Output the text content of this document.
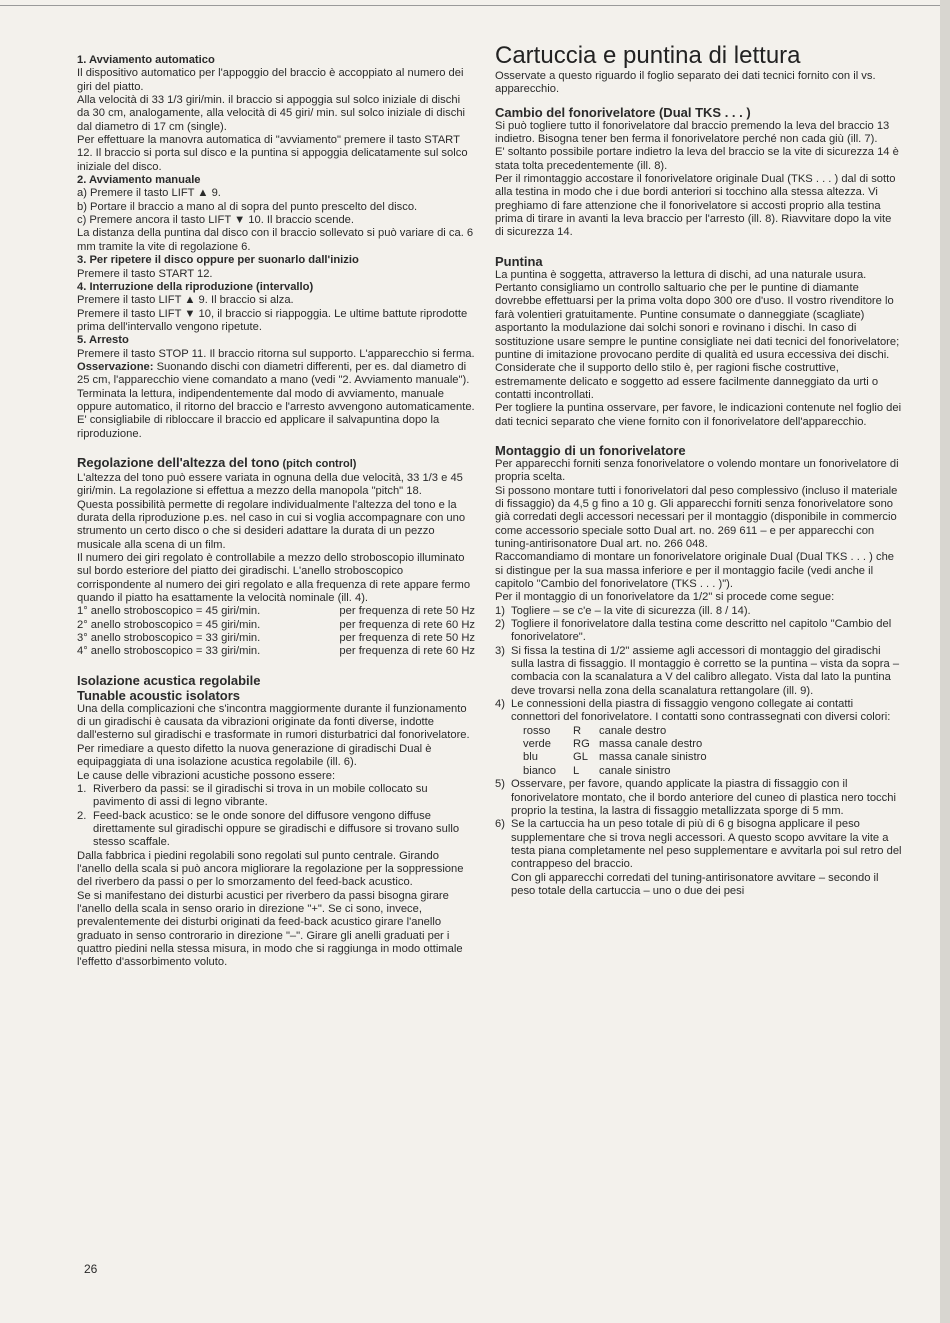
1. Avviamento automatico

Il dispositivo automatico per l'appoggio del braccio è accoppiato al numero dei giri del piatto.

Alla velocità di 33 1/3 giri/min. il braccio si appoggia sul solco iniziale di dischi da 30 cm, analogamente, alla velocità di 45 giri/ min. sul solco iniziale di dischi dal diametro di 17 cm (single).

Per effettuare la manovra automatica di "avviamento" premere il tasto START 12. Il braccio si porta sul disco e la puntina si appoggia delicatamente sul solco iniziale del disco.

2. Avviamento manuale

a) Premere il tasto LIFT ▲ 9.

b) Portare il braccio a mano al di sopra del punto prescelto del disco.

c) Premere ancora il tasto LIFT ▼ 10. Il braccio scende.

La distanza della puntina dal disco con il braccio sollevato si può variare di ca. 6 mm tramite la vite di regolazione 6.

3. Per ripetere il disco oppure per suonarlo dall'inizio

Premere il tasto START 12.

4. Interruzione della riproduzione (intervallo)

Premere il tasto LIFT ▲ 9. Il braccio si alza.

Premere il tasto LIFT ▼ 10, il braccio si riappoggia. Le ultime battute riprodotte prima dell'intervallo vengono ripetute.

5. Arresto

Premere il tasto STOP 11. Il braccio ritorna sul supporto. L'apparecchio si ferma.

Osservazione: Suonando dischi con diametri differenti, per es. dal diametro di 25 cm, l'apparecchio viene comandato a mano (vedi "2. Avviamento manuale").

Terminata la lettura, indipendentemente dal modo di avviamento, manuale oppure automatico, il ritorno del braccio e l'arresto avvengono automaticamente. E' consigliabile di ribloccare il braccio ed applicare il salvapuntina dopo la riproduzione.

Regolazione dell'altezza del tono (pitch control)

L'altezza del tono può essere variata in ognuna della due velocità, 33 1/3 e 45 giri/min. La regolazione si effettua a mezzo della manopola "pitch" 18.

Questa possibilità permette di regolare individualmente l'altezza del tono e la durata della riproduzione p.es. nel caso in cui si voglia accompagnare con uno strumento un certo disco o che si desideri adattare la durata di un pezzo musicale alla scena di un film.

Il numero dei giri regolato è controllabile a mezzo dello stroboscopio illuminato sul bordo esteriore del piatto dei giradischi. L'anello stroboscopico corrispondente al numero dei giri regolato e alla frequenza di rete appare fermo quando il piatto ha esattamente la velocità nominale (ill. 4).

1° anello stroboscopico = 45 giri/min.	per frequenza di rete 50 Hz
2° anello stroboscopico = 45 giri/min.	per frequenza di rete 60 Hz
3° anello stroboscopico = 33 giri/min.	per frequenza di rete 50 Hz
4° anello stroboscopico = 33 giri/min.	per frequenza di rete 60 Hz

Isolazione acustica regolabile

Tunable acoustic isolators

Una della complicazioni che s'incontra maggiormente durante il funzionamento di un giradischi è causata da vibrazioni originate da fonti diverse, indotte dall'esterno sul giradischi e trasformate in rumori disturbatrici dal fonorivelatore.

Per rimediare a questo difetto la nuova generazione di giradischi Dual è equipaggiata di una isolazione acustica regolabile (ill. 6).

Le cause delle vibrazioni acustiche possono essere:

1. Riverbero da passi: se il giradischi si trova in un mobile collocato su pavimento di assi di legno vibrante.
2. Feed-back acustico: se le onde sonore del diffusore vengono diffuse direttamente sul giradischi oppure se giradischi e diffusore si trovano sullo stesso scaffale.

Dalla fabbrica i piedini regolabili sono regolati sul punto centrale. Girando l'anello della scala si può ancora migliorare la regolazione per la soppressione del riverbero da passi o per lo smorzamento del feed-back acustico.

Se si manifestano dei disturbi acustici per riverbero da passi bisogna girare l'anello della scala in senso orario in direzione "+". Se ci sono, invece, prevalentemente dei disturbi originati da feed-back acustico girare l'anello graduato in senso controrario in direzione "–". Girare gli anelli graduati per i quattro piedini nella stessa misura, in modo che si raggiunga in modo ottimale l'effetto d'assorbimento voluto.

Cartuccia e puntina di lettura

Osservate a questo riguardo il foglio separato dei dati tecnici fornito con il vs. apparecchio.

Cambio del fonorivelatore (Dual TKS . . . )

Si può togliere tutto il fonorivelatore dal braccio premendo la leva del braccio 13 indietro. Bisogna tener ben ferma il fonorivelatore perché non cada giù (ill. 7).

E' soltanto possibile portare indietro la leva del braccio se la vite di sicurezza 14 è stata tolta precedentemente (ill. 8).

Per il rimontaggio accostare il fonorivelatore originale Dual (TKS . . . ) dal di sotto alla testina in modo che i due bordi anteriori si tocchino alla stessa altezza. Vi preghiamo di fare attenzione che il fonorivelatore si accosti proprio alla testina prima di tirare in avanti la leva braccio per l'arresto (ill. 8). Riavvitare dopo la vite di sicurezza 14.

Puntina

La puntina è soggetta, attraverso la lettura di dischi, ad una naturale usura. Pertanto consigliamo un controllo saltuario che per le puntine di diamante dovrebbe effettuarsi per la prima volta dopo 300 ore d'uso. Il vostro rivenditore lo farà volentieri gratuitamente. Puntine consumate o danneggiate (scagliate) asportanto la modulazione dai solchi sonori e rovinano i dischi. In caso di sostituzione usare sempre le puntine consigliate nei dati tecnici del fonorivelatore; puntine di imitazione provocano perdite di qualità ed usura eccessiva dei dischi.

Considerate che il supporto dello stilo è, per ragioni fische costruttive, estremamente delicato e soggetto ad essere facilmente danneggiato da urti o contatti incontrollati.

Per togliere la puntina osservare, per favore, le indicazioni contenute nel foglio dei dati tecnici separato che viene fornito con il fonorivelatore dell'apparecchio.

Montaggio di un fonorivelatore

Per apparecchi forniti senza fonorivelatore o volendo montare un fonorivelatore di propria scelta.

Si possono montare tutti i fonorivelatori dal peso complessivo (incluso il materiale di fissaggio) da 4,5 g fino a 10 g. Gli apparecchi forniti senza fonorivelatore sono già corredati degli accessori necessari per il montaggio (disponibile in commercio come accessorio speciale sotto Dual art. no. 269 611 – e per apparecchi con tuning-antirisonatore Dual art. no. 266 048.

Raccomandiamo di montare un fonorivelatore originale Dual (Dual TKS . . . ) che si distingue per la sua massa inferiore e per il montaggio facile (vedi anche il capitolo "Cambio del fonorivelatore (TKS . . . )").

Per il montaggio di un fonorivelatore da 1/2" si procede come segue:

1) Togliere – se c'e – la vite di sicurezza (ill. 8 / 14).
2) Togliere il fonorivelatore dalla testina come descritto nel capitolo "Cambio del fonorivelatore".
3) Si fissa la testina di 1/2" assieme agli accessori di montaggio del giradischi sulla lastra di fissaggio. Il montaggio è corretto se la puntina – vista da sopra – combacia con la scanalatura a V del calibro allegato. Vista dal lato la puntina deve trovarsi nella zona della scanalatura rettangolare (ill. 9).
4) Le connessioni della piastra di fissaggio vengono collegate ai contatti connettori del fonorivelatore. I contatti sono contrassegnati con diversi colori:
rosso	R	canale destro
verde	RG massa canale destro
blu	GL massa canale sinistro
bianco	L	canale sinistro
5) Osservare, per favore, quando applicate la piastra di fissaggio con il fonorivelatore montato, che il bordo anteriore del cuneo di plastica nero tocchi proprio la testina, la lastra di fissaggio metallizzata sporge di 5 mm.
6) Se la cartuccia ha un peso totale di più di 6 g bisogna applicare il peso supplementare che si trova negli accessori. A questo scopo avvitare la vite a testa piana completamente nel peso supplementare e avvitarla poi sul retro del contrappeso del braccio.

Con gli apparecchi corredati del tuning-antirisonatore avvitare – secondo il peso totale della cartuccia – uno o due dei pesi

26
